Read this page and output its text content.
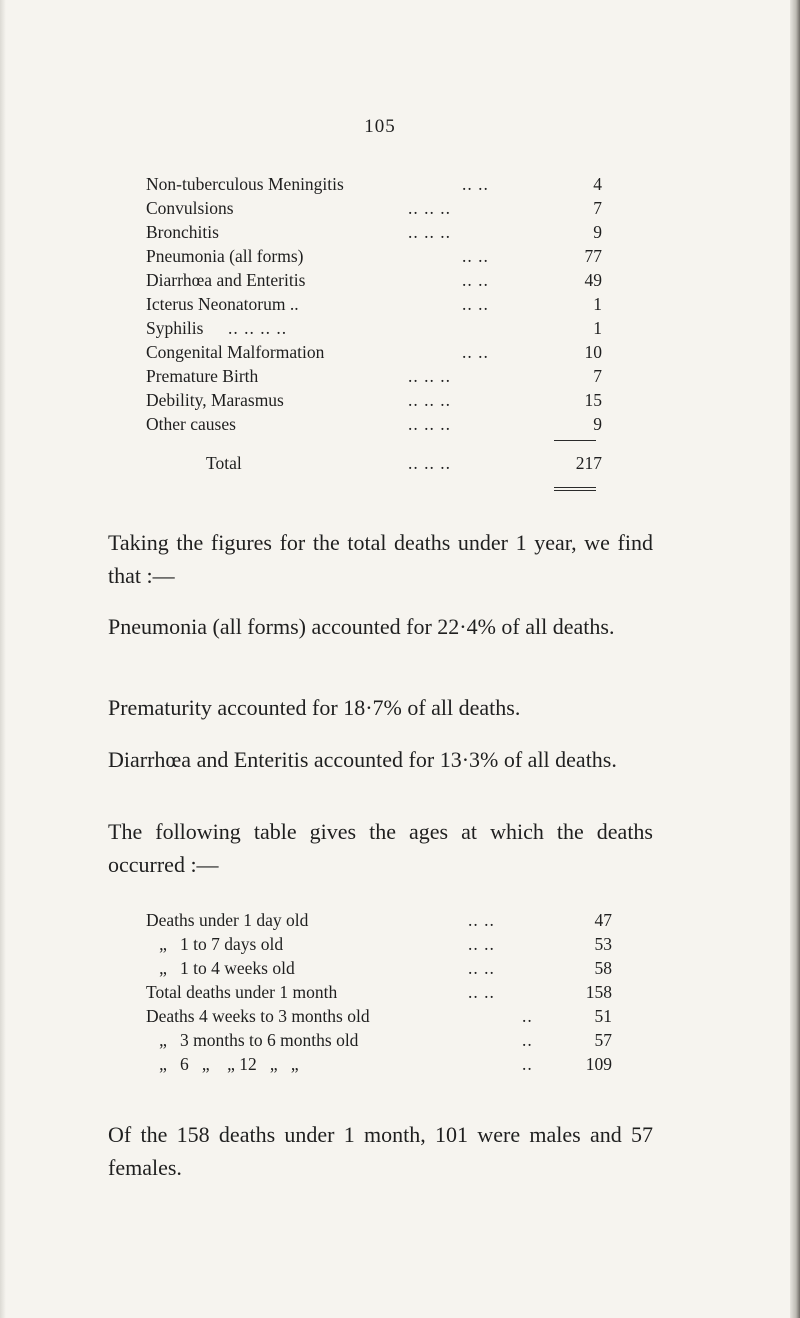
105
Non-tuberculous Meningitis	.. ..	4
Convulsions	.. .. ..	7
Bronchitis	.. .. ..	9
Pneumonia (all forms)	.. ..	77
Diarrhœa and Enteritis	.. ..	49
Icterus Neonatorum ..	.. ..	1
Syphilis .. .. .. ..	1
Congenital Malformation	.. ..	10
Premature Birth	.. .. ..	7
Debility, Marasmus	.. .. ..	15
Other causes	.. .. ..	9
Total	.. .. ..	217

Taking the figures for the total deaths under 1 year, we find that :—

Pneumonia (all forms) accounted for 22·4% of all deaths.

Prematurity accounted for 18·7% of all deaths.

Diarrhœa and Enteritis accounted for 13·3% of all deaths.

The following table gives the ages at which the deaths occurred :—

Deaths under 1 day old	.. ..	47
„   1 to 7 days old	.. ..	53
„   1 to 4 weeks old	.. ..	58
Total deaths under 1 month	.. ..	158
Deaths 4 weeks to 3 months old	..	51
„   3 months to 6 months old	..	57
„   6   „    „ 12   „   „	..	109

Of the 158 deaths under 1 month, 101 were males and 57 females.
